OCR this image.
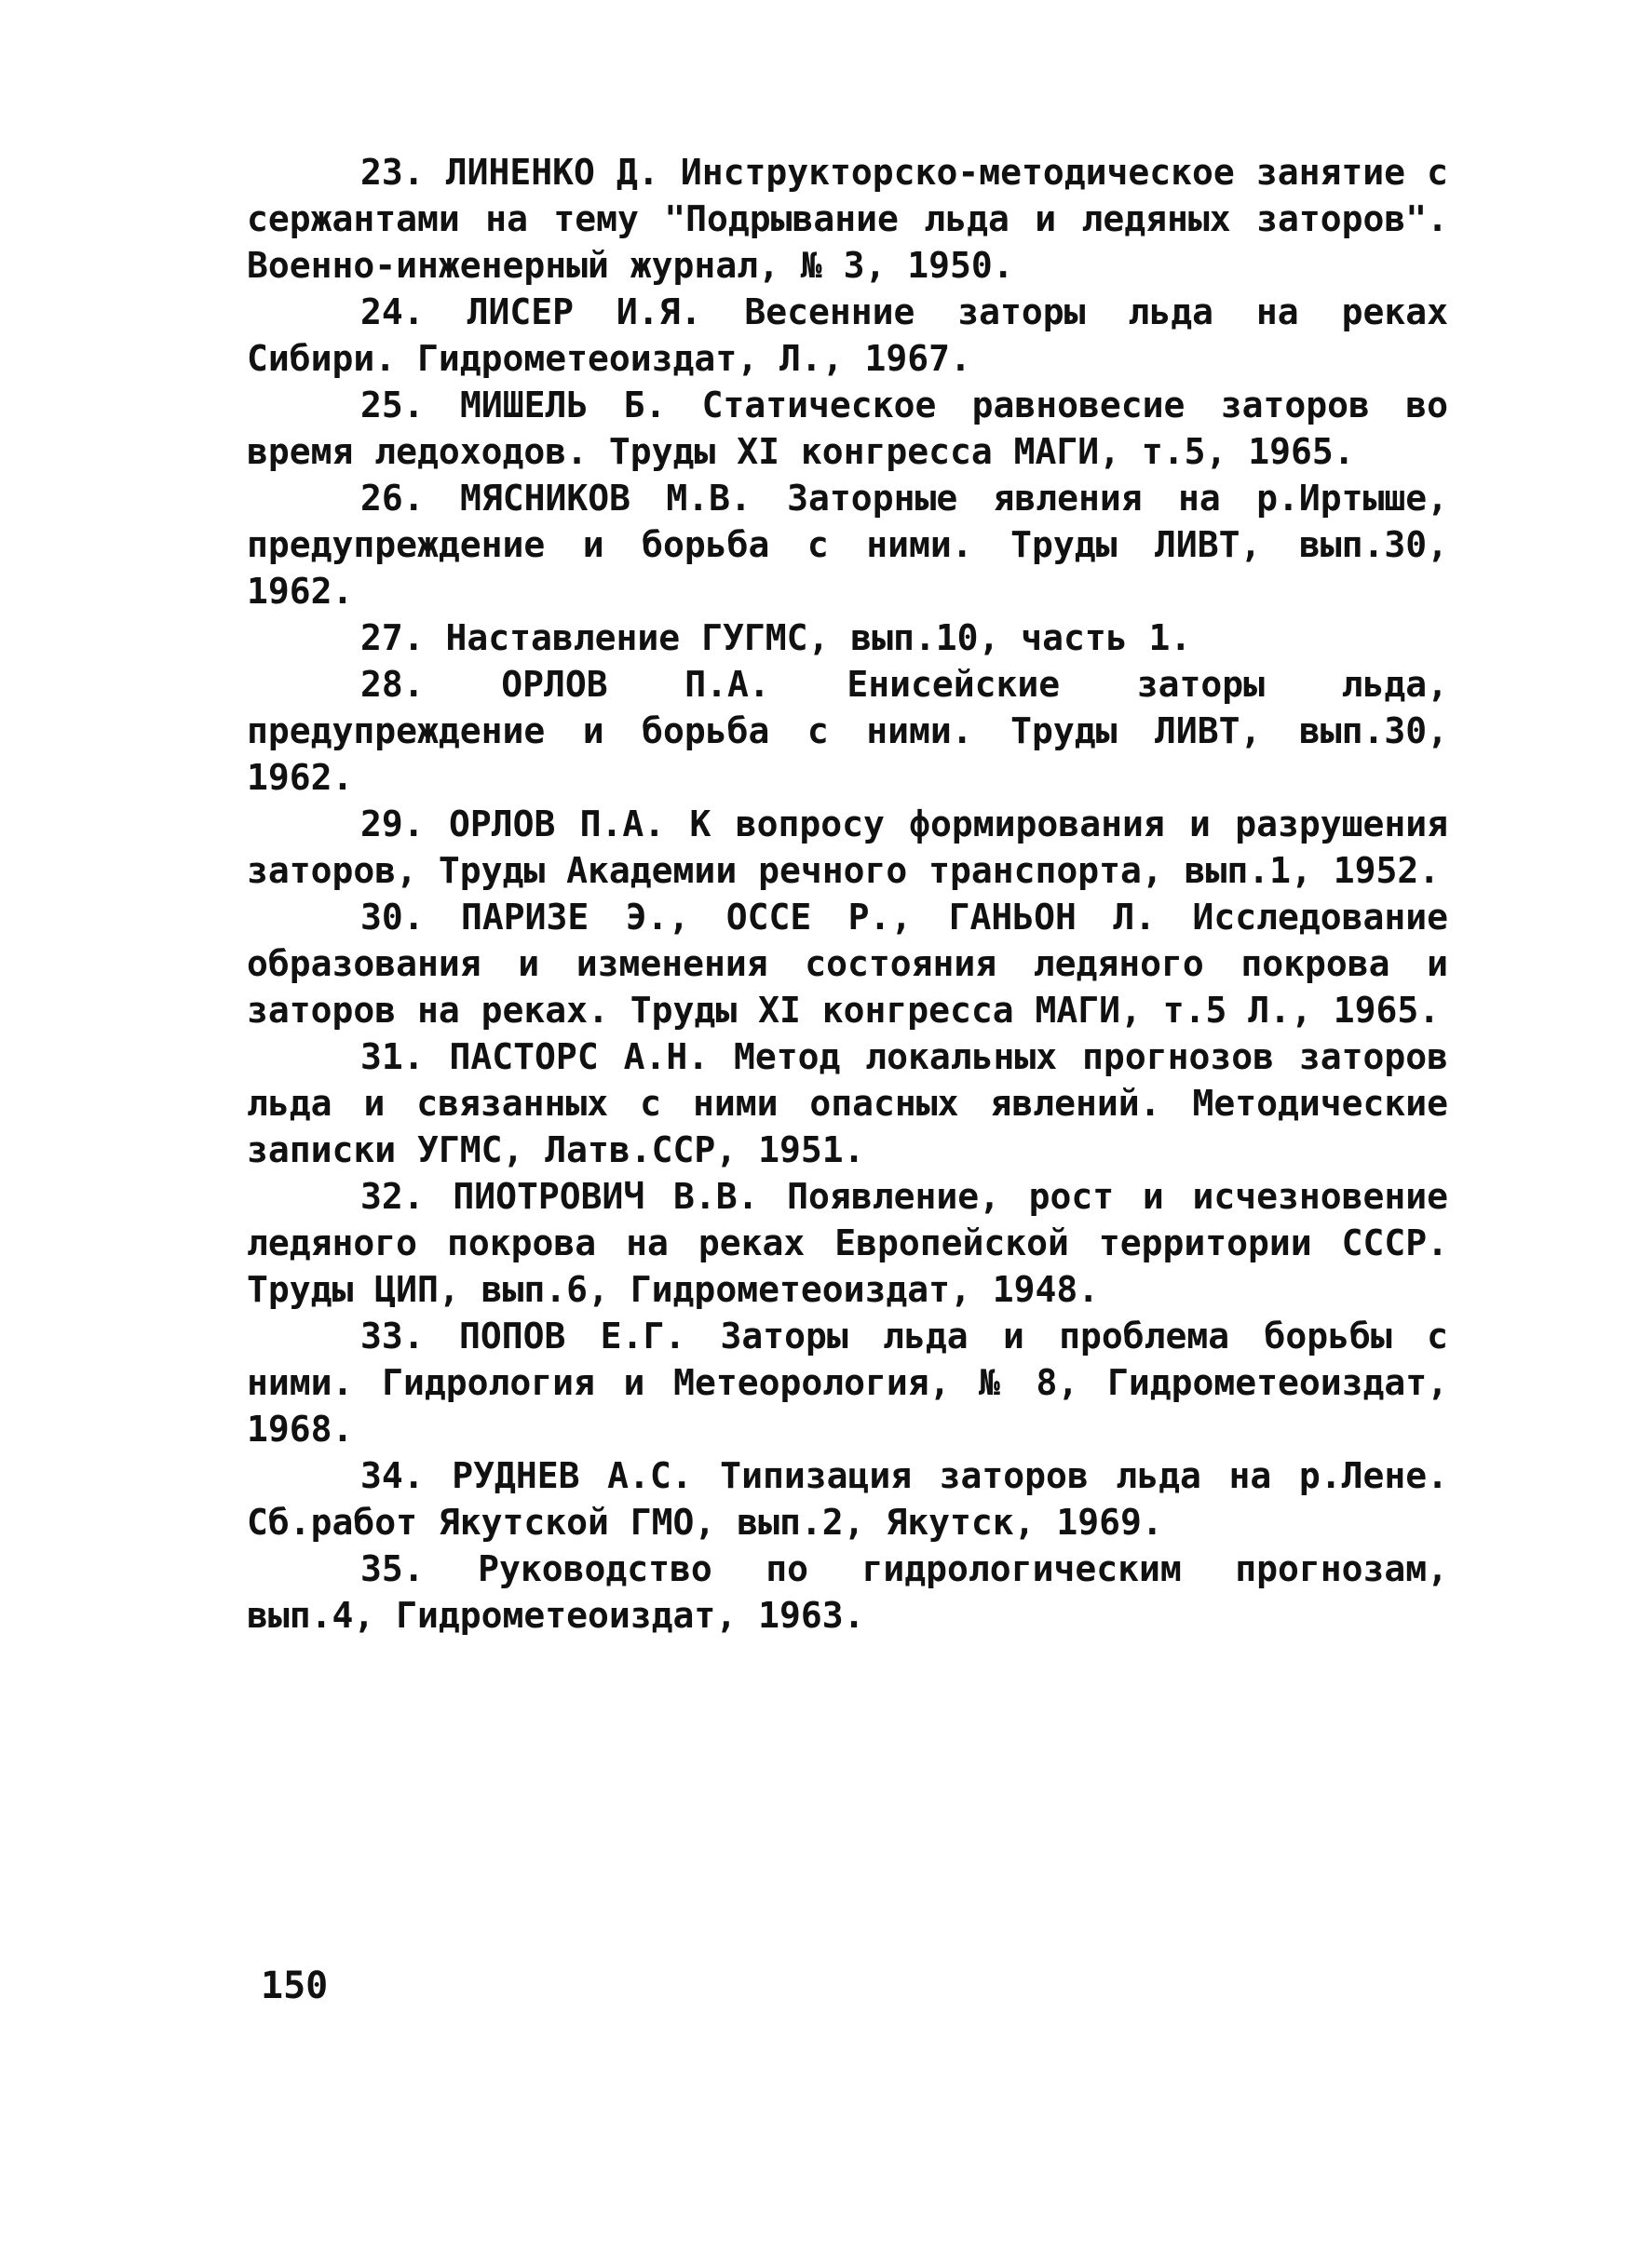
23. ЛИНЕНКО Д. Инструкторско-методическое занятие с сержантами на тему "Подрывание льда и ледяных заторов". Военно-инженерный журнал, № 3, 1950.

24. ЛИСЕР И.Я. Весенние заторы льда на реках Сибири. Гидрометеоиздат, Л., 1967.

25. МИШЕЛЬ Б. Статическое равновесие заторов во время ледоходов. Труды XI конгресса МАГИ, т.5, 1965.

26. МЯСНИКОВ М.В. Заторные явления на р.Иртыше, предупреждение и борьба с ними. Труды ЛИВТ, вып.30, 1962.

27. Наставление ГУГМС, вып.10, часть 1.

28. ОРЛОВ П.А. Енисейские заторы льда, предупреждение и борьба с ними. Труды ЛИВТ, вып.30, 1962.

29. ОРЛОВ П.А. К вопросу формирования и разрушения заторов, Труды Академии речного транспорта, вып.1, 1952.

30. ПАРИЗЕ Э., ОССЕ Р., ГАНЬОН Л. Исследование образования и изменения состояния ледяного покрова и заторов на реках. Труды XI конгресса МАГИ, т.5 Л., 1965.

31. ПАСТОРС А.Н. Метод локальных прогнозов заторов льда и связанных с ними опасных явлений. Методические записки УГМС, Латв.ССР, 1951.

32. ПИОТРОВИЧ В.В. Появление, рост и исчезновение ледяного покрова на реках Европейской территории СССР. Труды ЦИП, вып.6, Гидрометеоиздат, 1948.

33. ПОПОВ Е.Г. Заторы льда и проблема борьбы с ними. Гидрология и Метеорология, № 8, Гидрометеоиздат, 1968.

34. РУДНЕВ А.С. Типизация заторов льда на р.Лене. Сб.работ Якутской ГМО, вып.2, Якутск, 1969.

35. Руководство по гидрологическим прогнозам, вып.4, Гидрометеоиздат, 1963.

150
